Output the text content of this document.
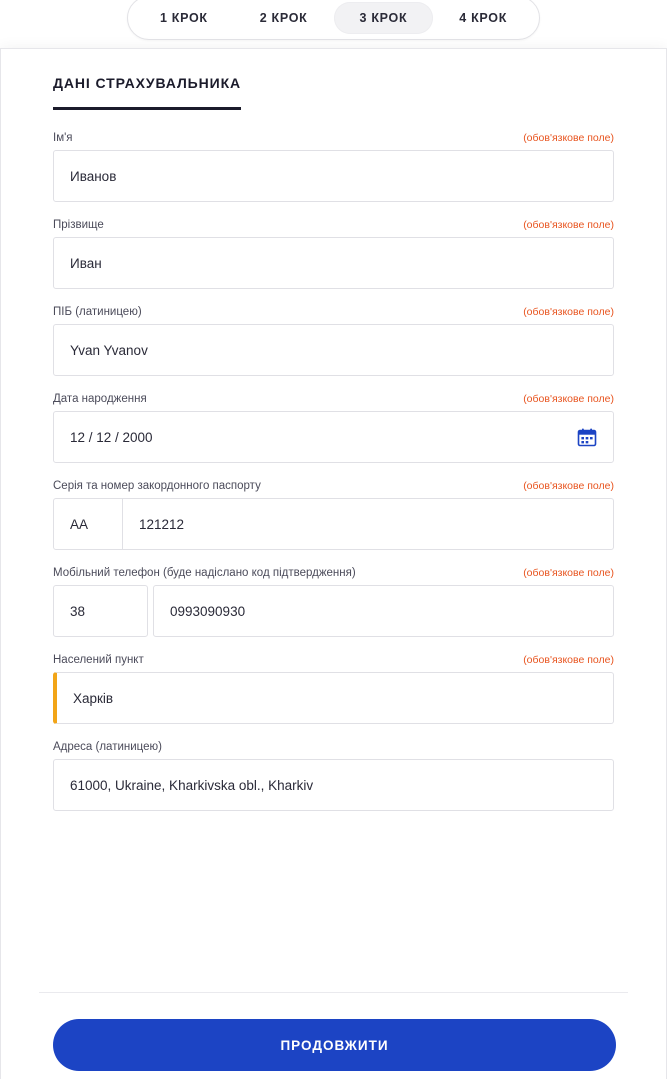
1 КРОК	2 КРОК	3 КРОК	4 КРОК
ДАНІ СТРАХУВАЛЬНИКА
Ім'я	(обов'язкове поле)
Иванов
Прізвище	(обов'язкове поле)
Иван
ПІБ (латиницею)	(обов'язкове поле)
Yvan Yvanov
Дата народження	(обов'язкове поле)
12 / 12 / 2000
Серія та номер закордонного паспорту	(обов'язкове поле)
AA	121212
Мобільний телефон (буде надіслано код підтвердження)	(обов'язкове поле)
38	0993090930
Населений пункт	(обов'язкове поле)
Харків
Адреса (латиницею)
61000, Ukraine, Kharkivska obl., Kharkiv
ПРОДОВЖИТИ
